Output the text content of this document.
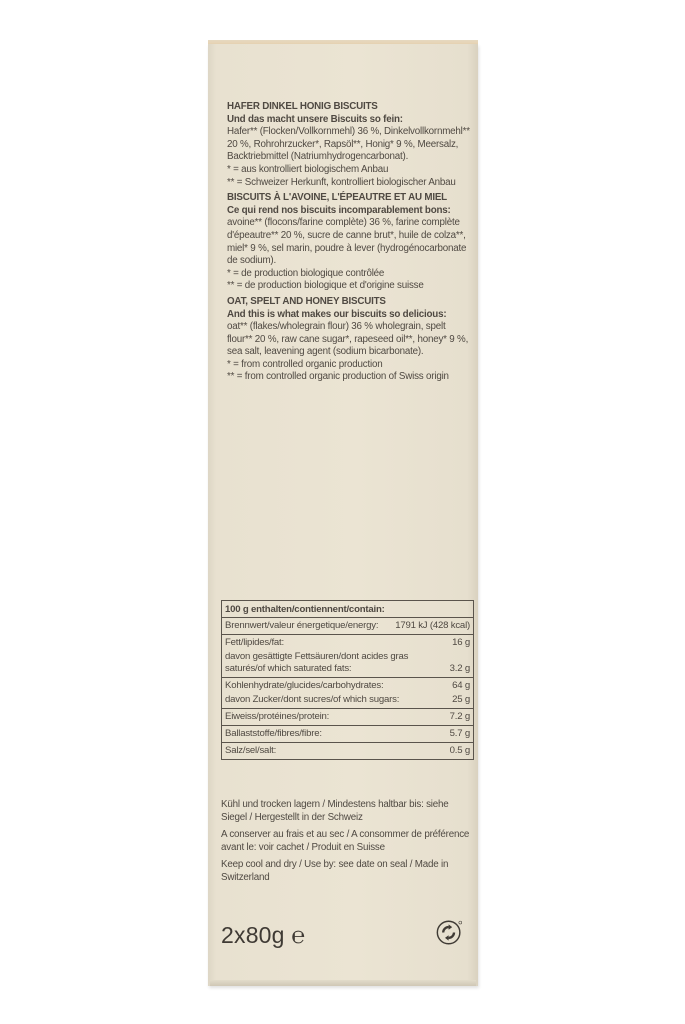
HAFER DINKEL HONIG BISCUITS
Und das macht unsere Biscuits so fein:
Hafer** (Flocken/Vollkornmehl) 36 %, Dinkelvollkornmehl** 20 %, Rohrohrzucker*, Rapsöl**, Honig* 9 %, Meersalz, Backtriebmittel (Natriumhydrogencarbonat).
* = aus kontrolliert biologischem Anbau
** = Schweizer Herkunft, kontrolliert biologischer Anbau
BISCUITS À L'AVOINE, L'ÉPEAUTRE ET AU MIEL
Ce qui rend nos biscuits incomparablement bons:
avoine** (flocons/farine complète) 36 %, farine complète d'épeautre** 20 %, sucre de canne brut*, huile de colza**, miel* 9 %, sel marin, poudre à lever (hydrogénocarbonate de sodium).
* = de production biologique contrôlée
** = de production biologique et d'origine suisse
OAT, SPELT AND HONEY BISCUITS
And this is what makes our biscuits so delicious:
oat** (flakes/wholegrain flour) 36 % wholegrain, spelt flour** 20 %, raw cane sugar*, rapeseed oil**, honey* 9 %, sea salt, leavening agent (sodium bicarbonate).
* = from controlled organic production
** = from controlled organic production of Swiss origin
100 g enthalten/contiennent/contain:
Brennwert/valeur énergetique/energy: 1791 kJ (428 kcal)
Fett/lipides/fat:	16 g
davon gesättigte Fettsäuren/dont acides gras saturés/of which saturated fats:	3.2 g
Kohlenhydrate/glucides/carbohydrates:	64 g
davon Zucker/dont sucres/of which sugars:	25 g
Eiweiss/protéines/protein:	7.2 g
Ballaststoffe/fibres/fibre:	5.7 g
Salz/sel/salt:	0.5 g
Kühl und trocken lagern / Mindestens haltbar bis: siehe Siegel / Hergestellt in der Schweiz
A conserver au frais et au sec / A consommer de préférence avant le: voir cachet / Produit en Suisse
Keep cool and dry / Use by: see date on seal / Made in Switzerland
2x80g ℮
